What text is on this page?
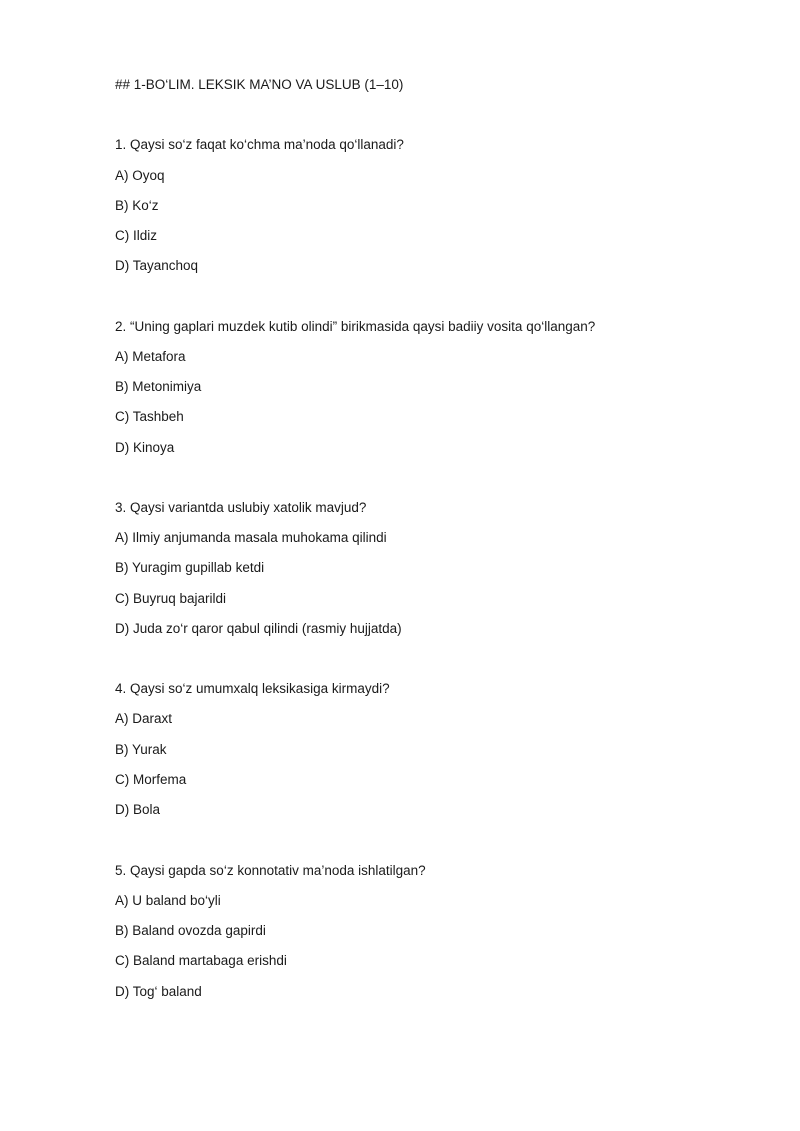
## 1-BO‘LIM. LEKSIK MA’NO VA USLUB (1–10)
1. Qaysi so‘z faqat ko‘chma ma’noda qo‘llanadi?
A) Oyoq
B) Ko‘z
C) Ildiz
D) Tayanchoq
2. “Uning gaplari muzdek kutib olindi” birikmasida qaysi badiiy vosita qo‘llangan?
A) Metafora
B) Metonimiya
C) Tashbeh
D) Kinoya
3. Qaysi variantda uslubiy xatolik mavjud?
A) Ilmiy anjumanda masala muhokama qilindi
B) Yuragim gupillab ketdi
C) Buyruq bajarildi
D) Juda zo‘r qaror qabul qilindi (rasmiy hujjatda)
4. Qaysi so‘z umumxalq leksikasiga kirmaydi?
A) Daraxt
B) Yurak
C) Morfema
D) Bola
5. Qaysi gapda so‘z konnotativ ma’noda ishlatilgan?
A) U baland bo‘yli
B) Baland ovozda gapirdi
C) Baland martabaga erishdi
D) Tog‘ baland
